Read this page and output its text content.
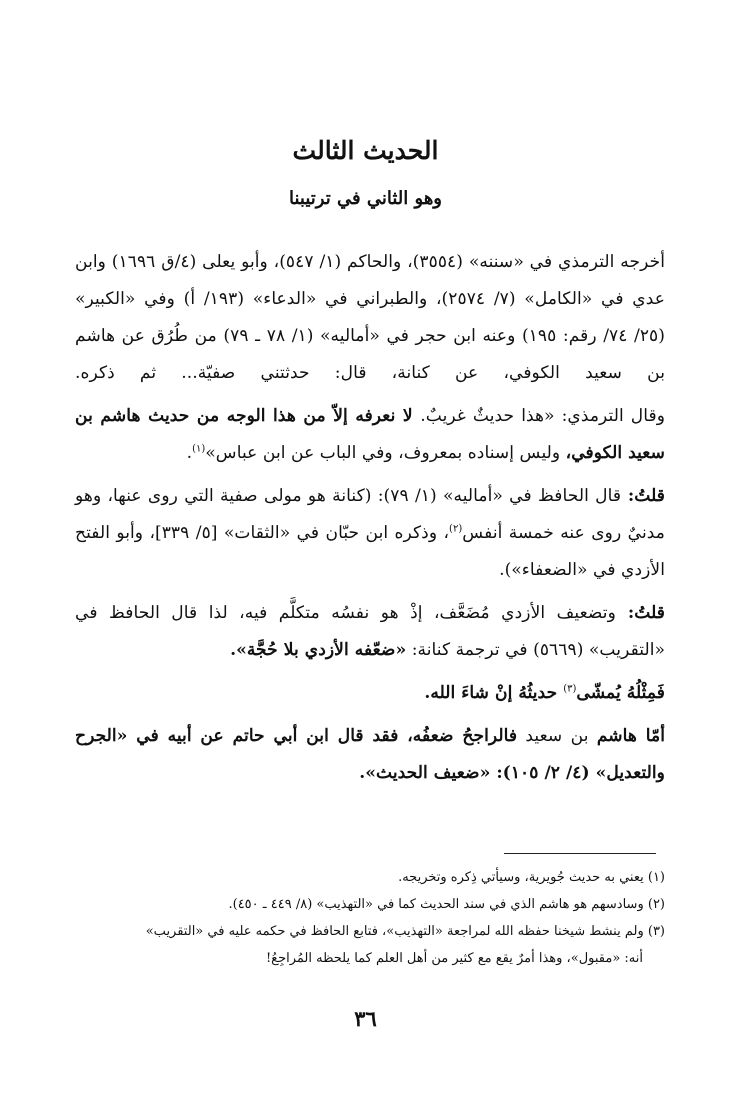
الحديث الثالث
وهو الثاني في ترتيبنا

أخرجه الترمذي في «سننه» (٣٥٥٤)، والحاكم (١/ ٥٤٧)، وأبو يعلى (٤/ق ١٦٩٦) وابن عدي في «الكامل» (٧/ ٢٥٧٤)، والطبراني في «الدعاء» (١٩٣/ أ) وفي «الكبير» (٢٥/ ٧٤/ رقم: ١٩٥) وعنه ابن حجر في «أماليه» (١/ ٧٨ ـ ٧٩) من طُرُق عن هاشم بن سعيد الكوفي، عن كنانة، قال: حدثتني صفيّة... ثم ذكره.

وقال الترمذي: «هذا حديثٌ غريبٌ. لا نعرفه إلاّ من هذا الوجه من حديث هاشم بن سعيد الكوفي، وليس إسناده بمعروف، وفي الباب عن ابن عباس»$^{(١)}$.

قلتُ: قال الحافظ في «أماليه» (١/ ٧٩): (كنانة هو مولى صفية التي روى عنها، وهو مدنيٌ روى عنه خمسة أنفس$^{(٢)}$، وذكره ابن حبّان في «الثقات» [٥/ ٣٣٩]، وأبو الفتح الأزدي في «الضعفاء»).

قلتُ: وتضعيف الأزدي مُضَعَّف، إذْ هو نفسُه متكلَّم فيه، لذا قال الحافظ في «التقريب» (٥٦٦٩) في ترجمة كنانة: «ضعّفه الأزدي بلا حُجَّة».

فَمِثْلُهُ يُمشّى$^{(٣)}$ حديثُهُ إنْ شاءَ الله.

أمّا هاشم بن سعيد فالراجحُ ضعفُه، فقد قال ابن أبي حاتم عن أبيه في «الجرح والتعديل» (٤/ ٢/ ١٠٥): «ضعيف الحديث».

(١) يعني به حديث جُويرية، وسيأتي ذِكره وتخريجه.

(٢) وسادسهم هو هاشم الذي في سند الحديث كما في «التهذيب» (٨/ ٤٤٩ ـ ٤٥٠).

(٣) ولم ينشط شيخنا حفظه الله لمراجعة «التهذيب»، فتابع الحافظ في حكمه عليه في «التقريب»

أنه: «مقبول»، وهذا أمرٌ يقع مع كثير من أهل العلم كما يلحظه المُراجِعُ!

٣٦
